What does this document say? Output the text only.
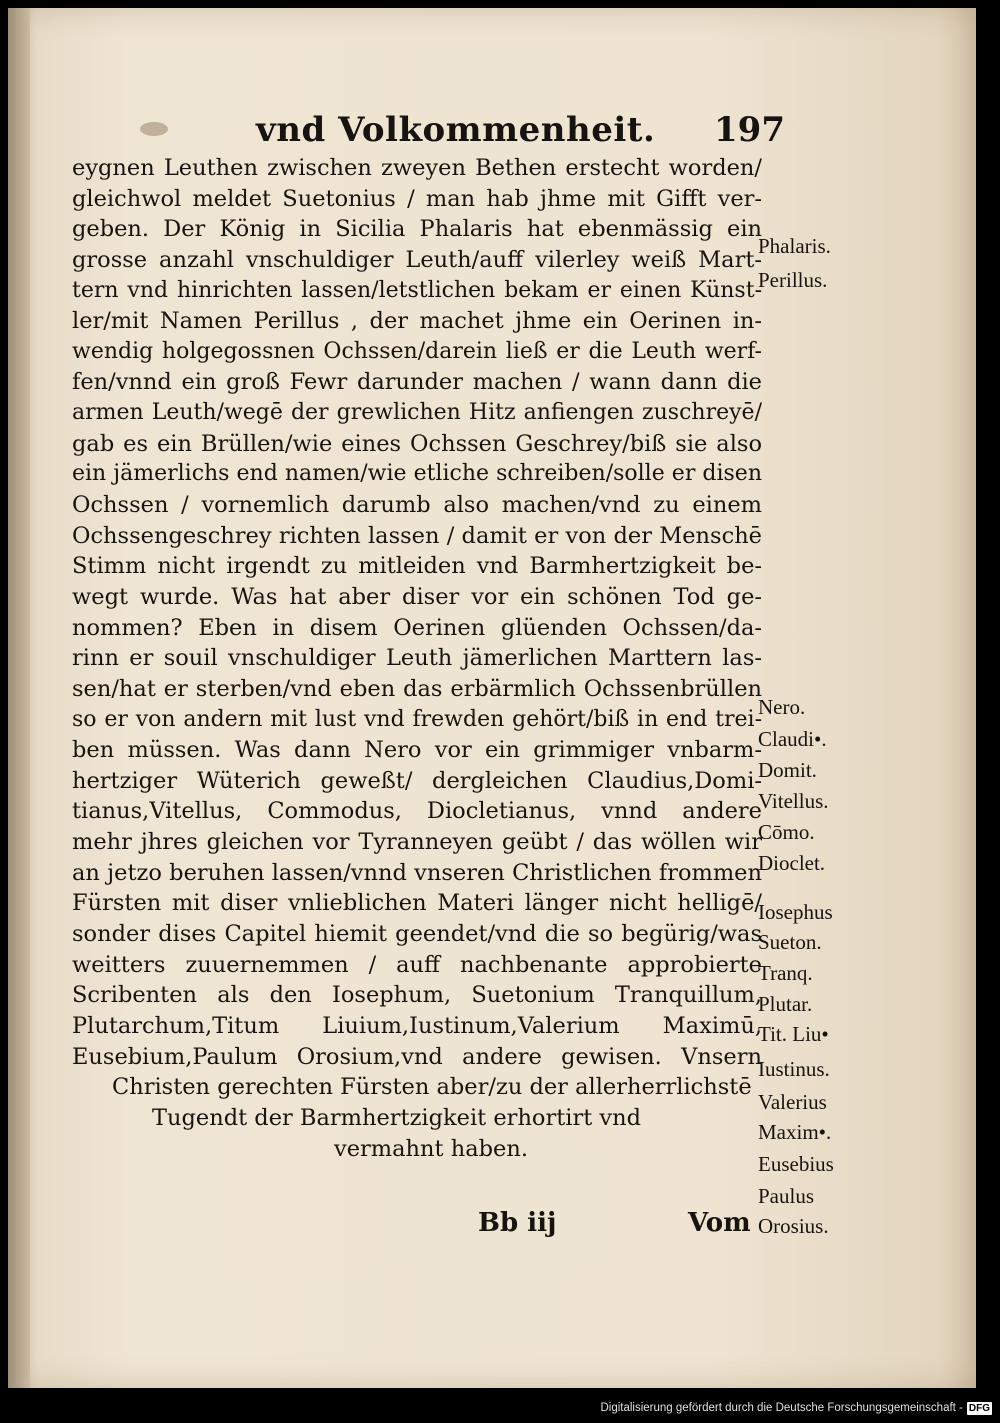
vnd Volkommenheit. 197
eygnen Leuthen zwischen zweyen Bethen erstecht worden/
gleichwol meldet Suetonius / man hab jhme mit Gifft ver-
geben. Der König in Sicilia Phalaris hat ebenmässig ein
grosse anzahl vnschuldiger Leuth/auff vilerley weiß Mart-
tern vnd hinrichten lassen/letstlichen bekam er einen Künst-
ler/mit Namen Perillus , der machet jhme ein Oerinen in-
wendig holgegossnen Ochssen/darein ließ er die Leuth werf-
fen/vnnd ein groß Fewr darunder machen / wann dann die
armen Leuth/wegē der grewlichen Hitz anfiengen zuschreyē/
gab es ein Brüllen/wie eines Ochssen Geschrey/biß sie also
ein jämerlichs end namen/wie etliche schreiben/solle er disen
Ochssen / vornemlich darumb also machen/vnd zu einem
Ochssengeschrey richten lassen / damit er von der Menschē
Stimm nicht irgendt zu mitleiden vnd Barmhertzigkeit be-
wegt wurde. Was hat aber diser vor ein schönen Tod ge-
nommen? Eben in disem Oerinen glüenden Ochssen/da-
rinn er souil vnschuldiger Leuth jämerlichen Marttern las-
sen/hat er sterben/vnd eben das erbärmlich Ochssenbrüllen
so er von andern mit lust vnd frewden gehört/biß in end trei-
ben müssen. Was dann Nero vor ein grimmiger vnbarm-
hertziger Wüterich geweßt/ dergleichen Claudius,Domi-
tianus,Vitellus, Commodus, Diocletianus, vnnd andere
mehr jhres gleichen vor Tyranneyen geübt / das wöllen wir
an jetzo beruhen lassen/vnnd vnseren Christlichen frommen
Fürsten mit diser vnlieblichen Materi länger nicht helligē/
sonder dises Capitel hiemit geendet/vnd die so begürig/was
weitters zuuernemmen / auff nachbenante approbierte
Scribenten als den Iosephum, Suetonium Tranquillum,
Plutarchum,Titum Liuium,Iustinum,Valerium Maximū,
Eusebium,Paulum Orosium,vnd andere gewisen. Vnsern
Christen gerechten Fürsten aber/zu der allerherrlichstē
Tugendt der Barmhertzigkeit erhortirt vnd
vermahnt haben.
Phalaris.
Perillus.
Nero.
Claudi•.
Domit.
Vitellus.
Cōmo.
Dioclet.
Iosephus
Sueton.
Tranq.
Plutar.
Tit. Liu•
Iustinus.
Valerius
Maxim•.
Eusebius
Paulus
Orosius.
Bb iij	Vom
Digitalisierung gefördert durch die Deutsche Forschungsgemeinschaft - DFG
